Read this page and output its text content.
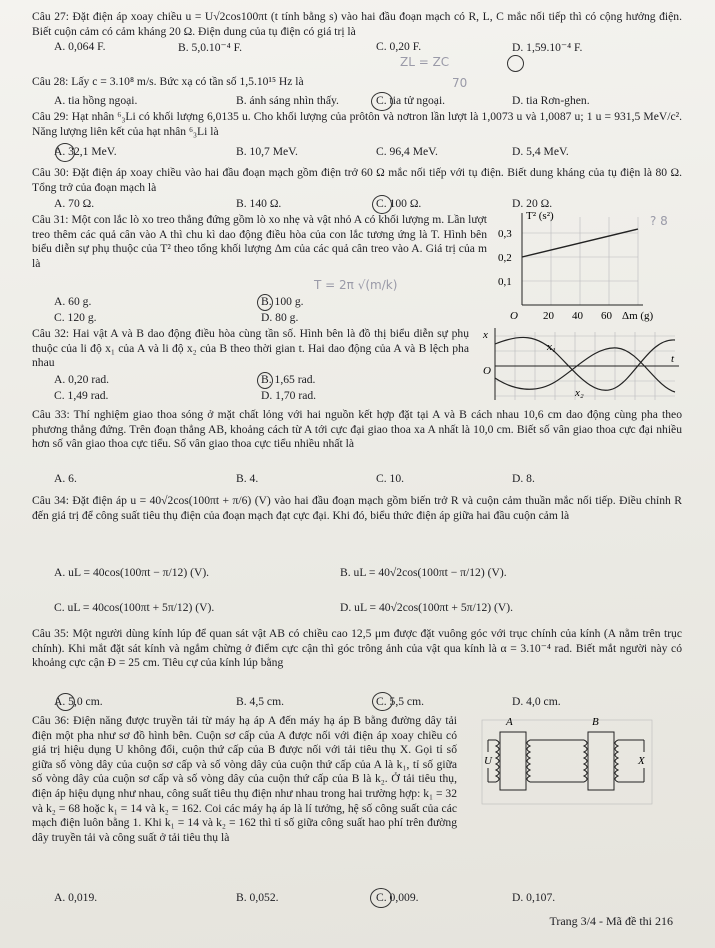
Câu 27: Đặt điện áp xoay chiều u = U√2cos100πt (t tính bằng s) vào hai đầu đoạn mạch có R, L, C mắc nối tiếp thì có cộng hưởng điện. Biết cuộn cảm có cảm kháng 20 Ω. Điện dung của tụ điện có giá trị là
A. 0,064 F.	B. 5,0.10⁻⁴ F.	C. 0,20 F.	D. 1,59.10⁻⁴ F.
Câu 28: Lấy c = 3.10⁸ m/s. Bức xạ có tần số 1,5.10¹⁵ Hz là
A. tia hồng ngoại.	B. ánh sáng nhìn thấy.	C. tia tử ngoại.	D. tia Rơn-ghen.
Câu 29: Hạt nhân ⁶₃Li có khối lượng 6,0135 u. Cho khối lượng của prôtôn và nơtron lần lượt là 1,0073 u và 1,0087 u; 1 u = 931,5 MeV/c². Năng lượng liên kết của hạt nhân ⁶₃Li là
A. 32,1 MeV.	B. 10,7 MeV.	C. 96,4 MeV.	D. 5,4 MeV.
Câu 30: Đặt điện áp xoay chiều vào hai đầu đoạn mạch gồm điện trở 60 Ω mắc nối tiếp với tụ điện. Biết dung kháng của tụ điện là 80 Ω. Tổng trở của đoạn mạch là
A. 70 Ω.	B. 140 Ω.	C. 100 Ω.	D. 20 Ω.
Câu 31: Một con lắc lò xo treo thẳng đứng gồm lò xo nhẹ và vật nhỏ A có khối lượng m. Lần lượt treo thêm các quả cân vào A thì chu kì dao động điều hòa của con lắc tương ứng là T. Hình bên biểu diễn sự phụ thuộc của T² theo tổng khối lượng Δm của các quả cân treo vào A. Giá trị của m là
A. 60 g.	B. 100 g.
C. 120 g.	D. 80 g.
T² (s²)
0,3
0,2
0,1
O 20 40 60 Δm (g)
Câu 32: Hai vật A và B dao động điều hòa cùng tần số. Hình bên là đồ thị biểu diễn sự phụ thuộc của li độ x₁ của A và li độ x₂ của B theo thời gian t. Hai dao động của A và B lệch pha nhau
A. 0,20 rad.	B. 1,65 rad.
C. 1,49 rad.	D. 1,70 rad.
x
O
t
x₁
x₂
Câu 33: Thí nghiệm giao thoa sóng ở mặt chất lỏng với hai nguồn kết hợp đặt tại A và B cách nhau 10,6 cm dao động cùng pha theo phương thẳng đứng. Trên đoạn thẳng AB, khoảng cách từ A tới cực đại giao thoa xa A nhất là 10,0 cm. Biết số vân giao thoa cực đại nhiều hơn số vân giao thoa cực tiểu. Số vân giao thoa cực tiểu nhiều nhất là
A. 6.	B. 4.	C. 10.	D. 8.
Câu 34: Đặt điện áp u = 40√2cos(100πt + π/6) (V) vào hai đầu đoạn mạch gồm biến trở R và cuộn cảm thuần mắc nối tiếp. Điều chỉnh R đến giá trị để công suất tiêu thụ điện của đoạn mạch đạt cực đại. Khi đó, biểu thức điện áp giữa hai đầu cuộn cảm là
A. uL = 40cos(100πt − π/12) (V).	B. uL = 40√2cos(100πt − π/12) (V).
C. uL = 40cos(100πt + 5π/12) (V).	D. uL = 40√2cos(100πt + 5π/12) (V).
Câu 35: Một người dùng kính lúp để quan sát vật AB có chiều cao 12,5 μm được đặt vuông góc với trục chính của kính (A nằm trên trục chính). Khi mắt đặt sát kính và ngắm chừng ở điểm cực cận thì góc trông ảnh của vật qua kính là α = 3.10⁻⁴ rad. Biết mắt người này có khoảng cực cận Đ = 25 cm. Tiêu cự của kính lúp bằng
A. 5,0 cm.	B. 4,5 cm.	C. 5,5 cm.	D. 4,0 cm.
Câu 36: Điện năng được truyền tải từ máy hạ áp A đến máy hạ áp B bằng đường dây tải điện một pha như sơ đồ hình bên. Cuộn sơ cấp của A được nối với điện áp xoay chiều có giá trị hiệu dụng U không đổi, cuộn thứ cấp của B được nối với tải tiêu thụ X. Gọi tỉ số giữa số vòng dây của cuộn sơ cấp và số vòng dây của cuộn thứ cấp của A là k₁, tỉ số giữa số vòng dây của cuộn sơ cấp và số vòng dây của cuộn thứ cấp của B là k₂. Ở tải tiêu thụ, điện áp hiệu dụng như nhau, công suất tiêu thụ điện như nhau trong hai trường hợp: k₁ = 32 và k₂ = 68 hoặc k₁ = 14 và k₂ = 162. Coi các máy hạ áp là lí tưởng, hệ số công suất của các mạch điện luôn bằng 1. Khi k₁ = 14 và k₂ = 162 thì tỉ số giữa công suất hao phí trên đường dây truyền tải và công suất ở tải tiêu thụ là
A. 0,019.	B. 0,052.	C. 0,009.	D. 0,107.
A	B
U	X
ZL = ZC
70
T = 2π √(m/k)
? 8
Trang 3/4 - Mã đề thi 216
